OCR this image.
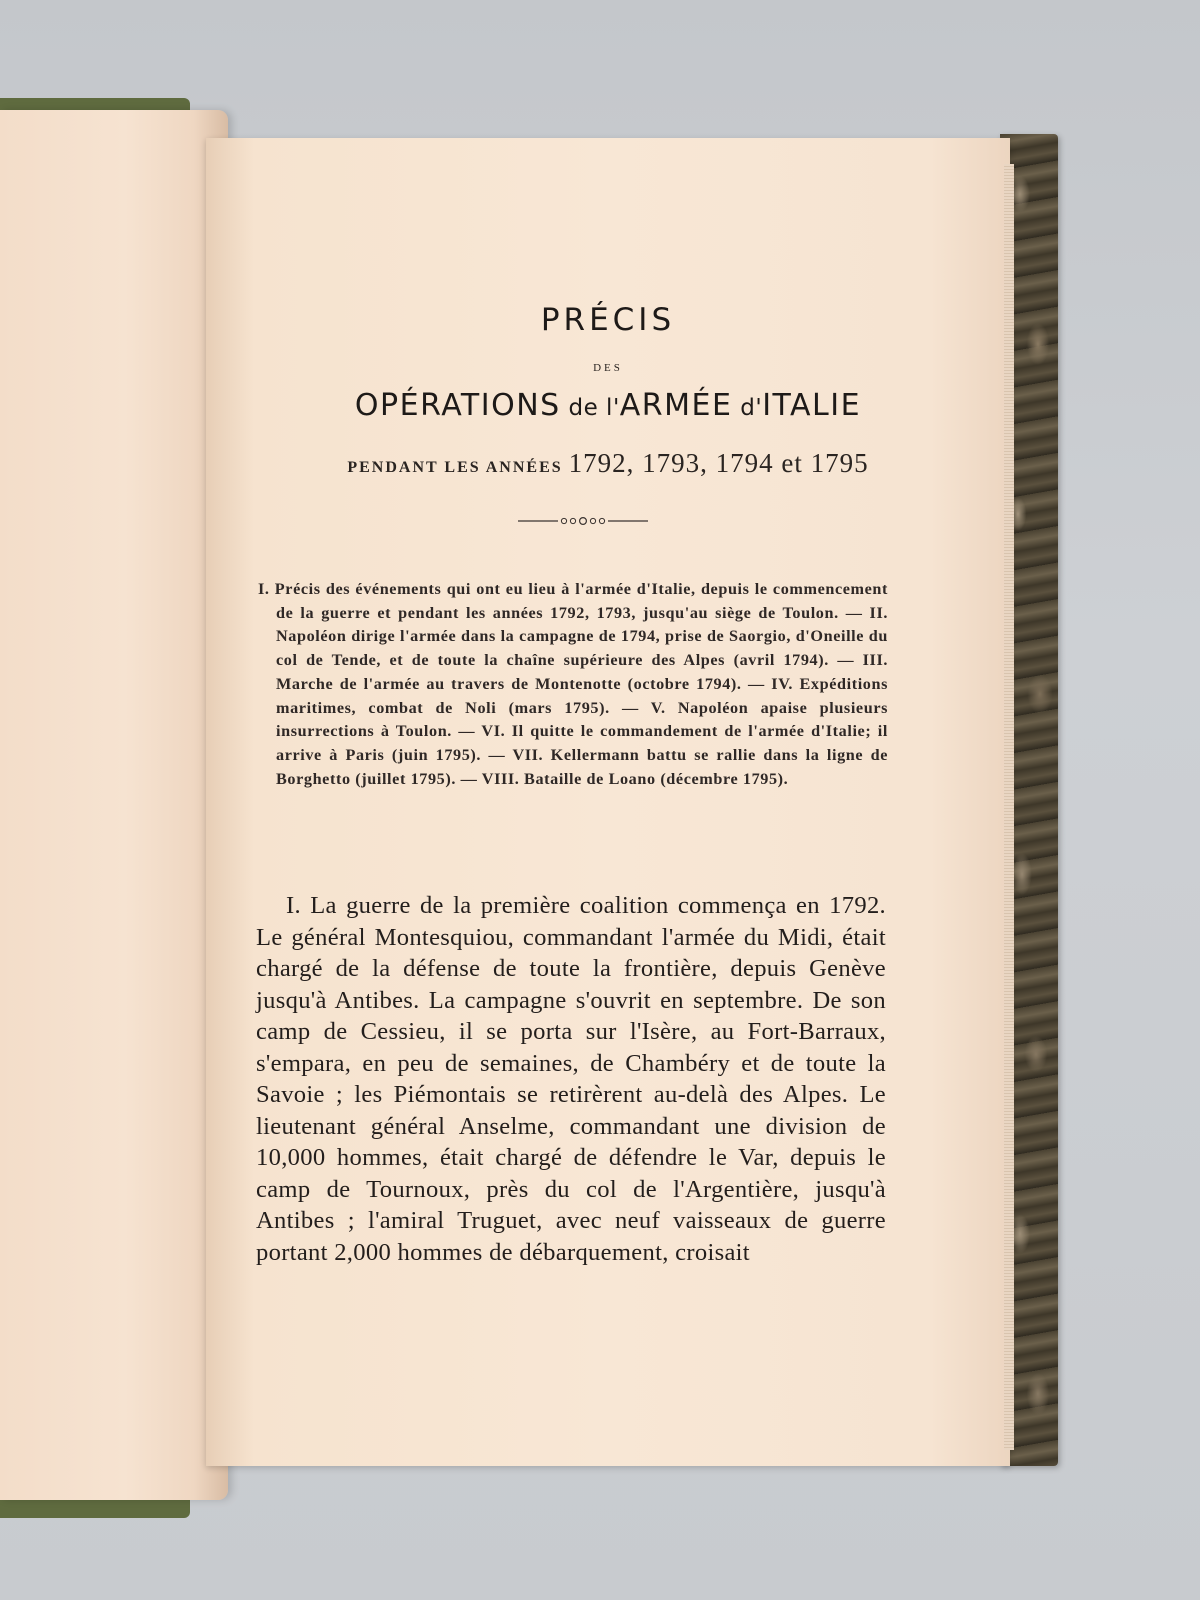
PRÉCIS
DES
OPÉRATIONS de l'ARMÉE d'ITALIE
PENDANT LES ANNÉES 1792, 1793, 1794 et 1795
I. Précis des événements qui ont eu lieu à l'armée d'Italie, depuis le commencement de la guerre et pendant les années 1792, 1793, jusqu'au siège de Toulon. — II. Napoléon dirige l'armée dans la campagne de 1794, prise de Saorgio, d'Oneille du col de Tende, et de toute la chaîne supérieure des Alpes (avril 1794). — III. Marche de l'armée au travers de Montenotte (octobre 1794). — IV. Expéditions maritimes, combat de Noli (mars 1795). — V. Napoléon apaise plusieurs insurrections à Toulon. — VI. Il quitte le commandement de l'armée d'Italie; il arrive à Paris (juin 1795). — VII. Kellermann battu se rallie dans la ligne de Borghetto (juillet 1795). — VIII. Bataille de Loano (décembre 1795).
I. La guerre de la première coalition commença en 1792. Le général Montesquiou, commandant l'armée du Midi, était chargé de la défense de toute la frontière, depuis Genève jusqu'à Antibes. La campagne s'ouvrit en septembre. De son camp de Cessieu, il se porta sur l'Isère, au Fort-Barraux, s'empara, en peu de semaines, de Chambéry et de toute la Savoie ; les Piémontais se retirèrent au-delà des Alpes. Le lieutenant général Anselme, commandant une division de 10,000 hommes, était chargé de défendre le Var, depuis le camp de Tournoux, près du col de l'Argentière, jusqu'à Antibes ; l'amiral Truguet, avec neuf vaisseaux de guerre portant 2,000 hommes de débarquement, croisait
